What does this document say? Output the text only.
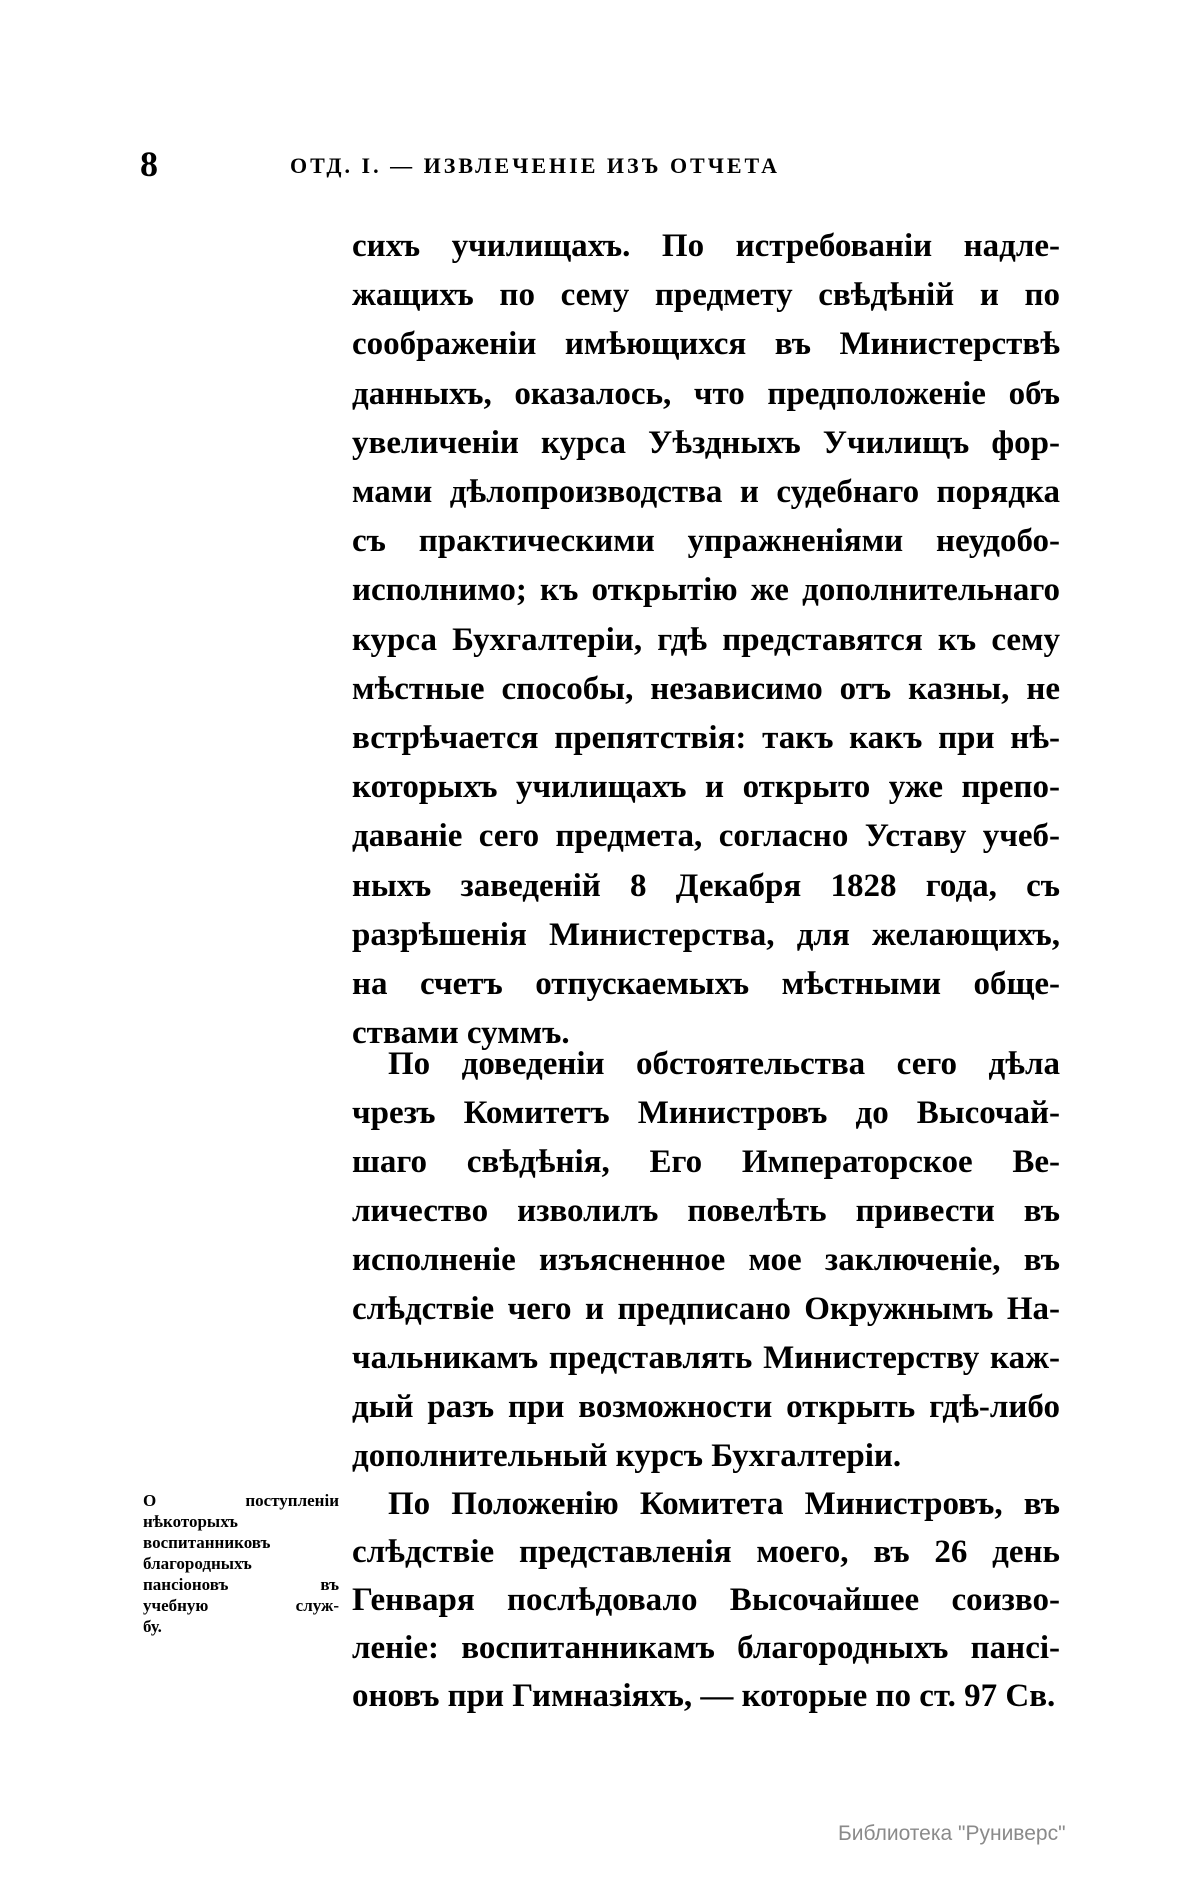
8	ОТД. I. — ИЗВЛЕЧЕНІЕ ИЗЪ ОТЧЕТА
сихъ училищахъ. По истребованіи надле-
жащихъ по сему предмету свѣдѣній и по
соображеніи имѣющихся въ Министерствѣ
данныхъ, оказалось, что предположеніе объ
увеличеніи курса Уѣздныхъ Училищъ фор-
мами дѣлопроизводства и судебнаго порядка
съ практическими упражненіями неудобо-
исполнимо; къ открытію же дополнительнаго
курса Бухгалтеріи, гдѣ представятся къ сему
мѣстные способы, независимо отъ казны, не
встрѣчается препятствія: такъ какъ при нѣ-
которыхъ училищахъ и открыто уже препо-
даваніе сего предмета, согласно Уставу учеб-
ныхъ заведеній 8 Декабря 1828 года, съ
разрѣшенія Министерства, для желающихъ,
на счетъ отпускаемыхъ мѣстными обще-
ствами суммъ.
По доведеніи обстоятельства сего дѣла
чрезъ Комитетъ Министровъ до Высочай-
шаго свѣдѣнія, Его Императорское Ве-
личество изволилъ повелѣть привести въ
исполненіе изъясненное мое заключеніе, въ
слѣдствіе чего и предписано Окружнымъ На-
чальникамъ представлять Министерству каж-
дый разъ при возможности открыть гдѣ-либо
дополнительный курсъ Бухгалтеріи.
По Положенію Комитета Министровъ, въ
слѣдствіе представленія моего, въ 26 день
Генваря послѣдовало Высочайшее соизво-
леніе: воспитанникамъ благородныхъ пансі-
оновъ при Гимназіяхъ, — которые по ст. 97 Св.
О поступленіи
нѣкоторыхъ
воспитанниковъ
благородныхъ
пансіоновъ въ
учебную служ-
бу.
Библиотека "Руниверс"
